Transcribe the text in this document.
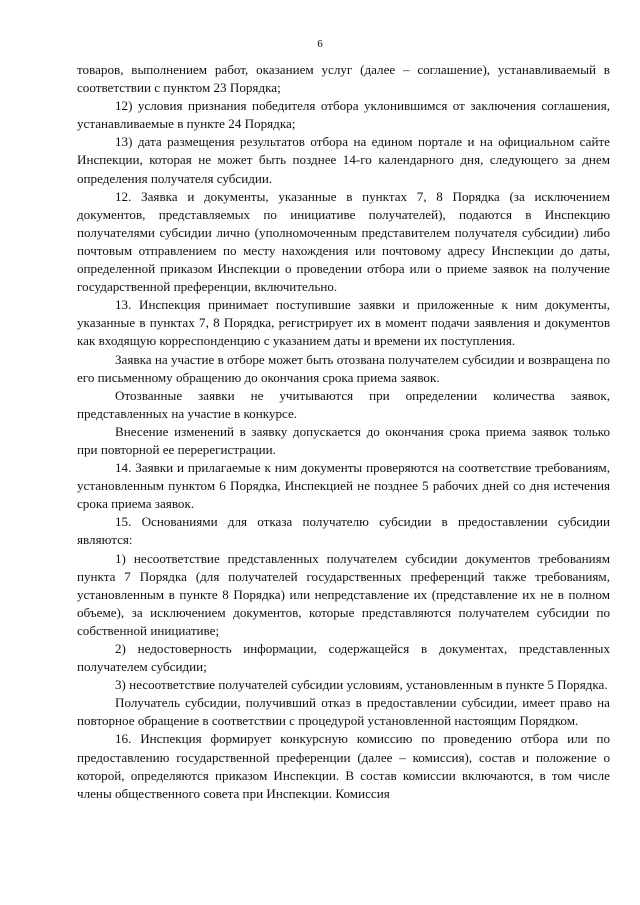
6

товаров, выполнением работ, оказанием услуг (далее – соглашение), устанавливаемый в соответствии с пунктом 23 Порядка;

12) условия признания победителя отбора уклонившимся от заключения соглашения, устанавливаемые в пункте 24 Порядка;

13) дата размещения результатов отбора на едином портале и на официальном сайте Инспекции, которая не может быть позднее 14-го календарного дня, следующего за днем определения получателя субсидии.

12. Заявка и документы, указанные в пунктах 7, 8 Порядка (за исключением документов, представляемых по инициативе получателей), подаются в Инспекцию получателями субсидии лично (уполномоченным представителем получателя субсидии) либо почтовым отправлением по месту нахождения или почтовому адресу Инспекции до даты, определенной приказом Инспекции о проведении отбора или о приеме заявок на получение государственной преференции, включительно.

13. Инспекция принимает поступившие заявки и приложенные к ним документы, указанные в пунктах 7, 8 Порядка, регистрирует их в момент подачи заявления и документов как входящую корреспонденцию с указанием даты и времени их поступления.

Заявка на участие в отборе может быть отозвана получателем субсидии и возвращена по его письменному обращению до окончания срока приема заявок.

Отозванные заявки не учитываются при определении количества заявок, представленных на участие в конкурсе.

Внесение изменений в заявку допускается до окончания срока приема заявок только при повторной ее перерегистрации.

14. Заявки и прилагаемые к ним документы проверяются на соответствие требованиям, установленным пунктом 6 Порядка, Инспекцией не позднее 5 рабочих дней со дня истечения срока приема заявок.

15. Основаниями для отказа получателю субсидии в предоставлении субсидии являются:

1) несоответствие представленных получателем субсидии документов требованиям пункта 7 Порядка (для получателей государственных преференций также требованиям, установленным в пункте 8 Порядка) или непредставление их (представление их не в полном объеме), за исключением документов, которые представляются получателем субсидии по собственной инициативе;

2) недостоверность информации, содержащейся в документах, представленных получателем субсидии;

3) несоответствие получателей субсидии условиям, установленным в пункте 5 Порядка.

Получатель субсидии, получивший отказ в предоставлении субсидии, имеет право на повторное обращение в соответствии с процедурой установленной настоящим Порядком.

16. Инспекция формирует конкурсную комиссию по проведению отбора или по предоставлению государственной преференции (далее – комиссия), состав и положение о которой, определяются приказом Инспекции. В состав комиссии включаются, в том числе члены общественного совета при Инспекции. Комиссия
